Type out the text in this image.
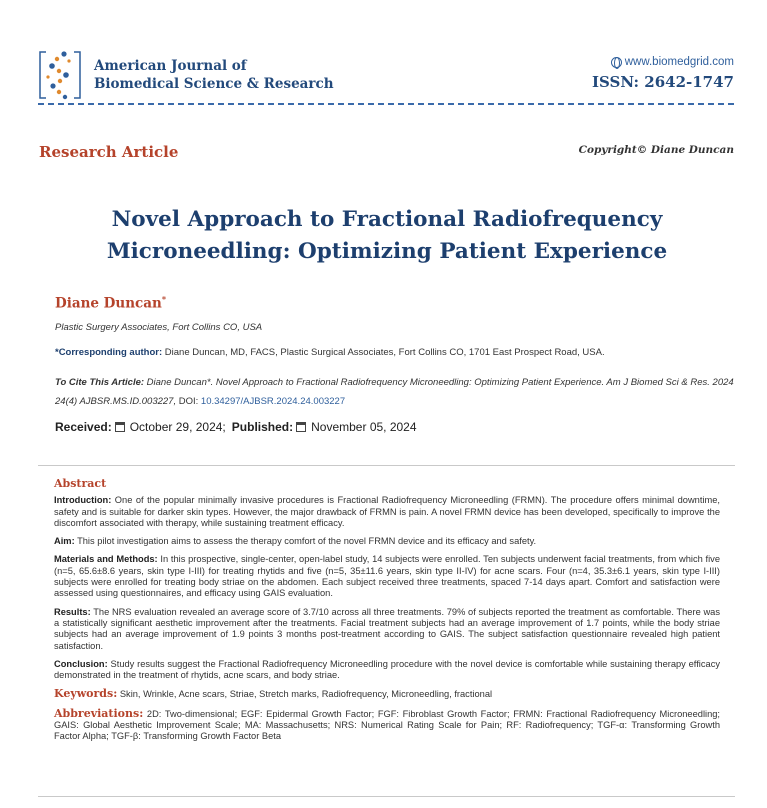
American Journal of
Biomedical Science & Research
www.biomedgrid.com
ISSN: 2642-1747
Research Article	Copyright© Diane Duncan
Novel Approach to Fractional Radiofrequency
Microneedling: Optimizing Patient Experience
Diane Duncan*
Plastic Surgery Associates, Fort Collins CO, USA
*Corresponding author: Diane Duncan, MD, FACS, Plastic Surgical Associates, Fort Collins CO, 1701 East Prospect Road, USA.
To Cite This Article: Diane Duncan*. Novel Approach to Fractional Radiofrequency Microneedling: Optimizing Patient Experience. Am J Biomed Sci & Res. 2024 24(4) AJBSR.MS.ID.003227, DOI: 10.34297/AJBSR.2024.24.003227
Received: October 29, 2024; Published: November 05, 2024
Abstract

Introduction: One of the popular minimally invasive procedures is Fractional Radiofrequency Microneedling (FRMN). The procedure offers minimal downtime, safety and is suitable for darker skin types. However, the major drawback of FRMN is pain. A novel FRMN device has been developed, specifically to improve the discomfort associated with therapy, while sustaining treatment efficacy.

Aim: This pilot investigation aims to assess the therapy comfort of the novel FRMN device and its efficacy and safety.

Materials and Methods: In this prospective, single-center, open-label study, 14 subjects were enrolled. Ten subjects underwent facial treatments, from which five (n=5, 65.6±8.6 years, skin type I-III) for treating rhytids and five (n=5, 35±11.6 years, skin type II-IV) for acne scars. Four (n=4, 35.3±6.1 years, skin type I-III) subjects were enrolled for treating body striae on the abdomen. Each subject received three treatments, spaced 7-14 days apart. Comfort and satisfaction were assessed using questionnaires, and efficacy using GAIS evaluation.

Results: The NRS evaluation revealed an average score of 3.7/10 across all three treatments. 79% of subjects reported the treatment as comfortable. There was a statistically significant aesthetic improvement after the treatments. Facial treatment subjects had an average improvement of 1.7 points, while the body striae subjects had an average improvement of 1.9 points 3 months post-treatment according to GAIS. The subject satisfaction questionnaire revealed high patient satisfaction.

Conclusion: Study results suggest the Fractional Radiofrequency Microneedling procedure with the novel device is comfortable while sustaining therapy efficacy demonstrated in the treatment of rhytids, acne scars, and body striae.

Keywords: Skin, Wrinkle, Acne scars, Striae, Stretch marks, Radiofrequency, Microneedling, fractional

Abbreviations: 2D: Two-dimensional; EGF: Epidermal Growth Factor; FGF: Fibroblast Growth Factor; FRMN: Fractional Radiofrequency Microneedling; GAIS: Global Aesthetic Improvement Scale; MA: Massachusetts; NRS: Numerical Rating Scale for Pain; RF: Radiofrequency; TGF-α: Transforming Growth Factor Alpha; TGF-β: Transforming Growth Factor Beta
